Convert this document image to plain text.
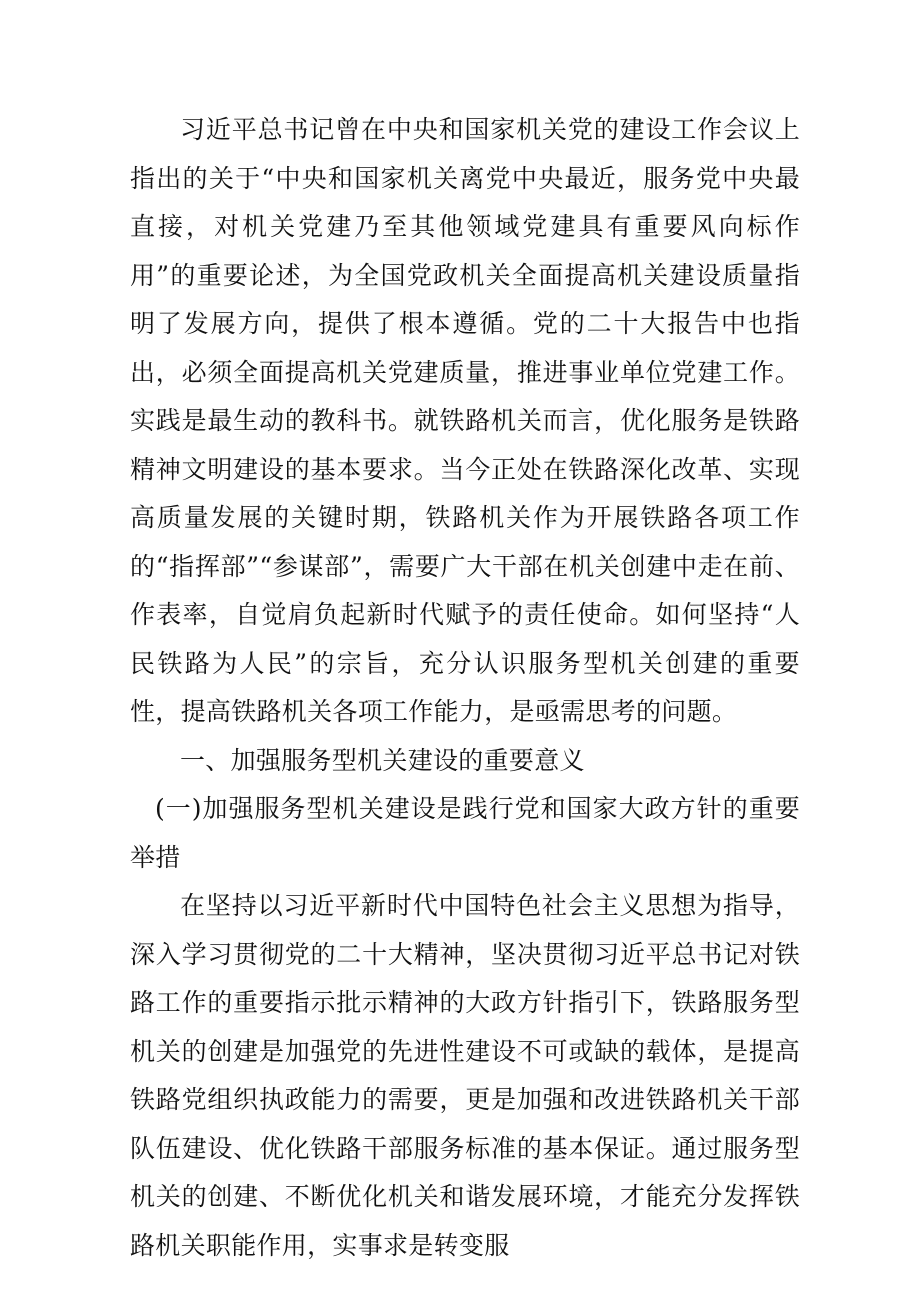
习近平总书记曾在中央和国家机关党的建设工作会议上指出的关于“中央和国家机关离党中央最近，服务党中央最直接，对机关党建乃至其他领域党建具有重要风向标作用”的重要论述，为全国党政机关全面提高机关建设质量指明了发展方向，提供了根本遵循。党的二十大报告中也指出，必须全面提高机关党建质量，推进事业单位党建工作。实践是最生动的教科书。就铁路机关而言，优化服务是铁路精神文明建设的基本要求。当今正处在铁路深化改革、实现高质量发展的关键时期，铁路机关作为开展铁路各项工作的“指挥部”“参谋部”，需要广大干部在机关创建中走在前、作表率，自觉肩负起新时代赋予的责任使命。如何坚持“人民铁路为人民”的宗旨，充分认识服务型机关创建的重要性，提高铁路机关各项工作能力，是亟需思考的问题。

一、加强服务型机关建设的重要意义

(一)加强服务型机关建设是践行党和国家大政方针的重要举措

在坚持以习近平新时代中国特色社会主义思想为指导，深入学习贯彻党的二十大精神，坚决贯彻习近平总书记对铁路工作的重要指示批示精神的大政方针指引下，铁路服务型机关的创建是加强党的先进性建设不可或缺的载体，是提高铁路党组织执政能力的需要，更是加强和改进铁路机关干部队伍建设、优化铁路干部服务标准的基本保证。通过服务型机关的创建、不断优化机关和谐发展环境，才能充分发挥铁路机关职能作用，实事求是转变服
